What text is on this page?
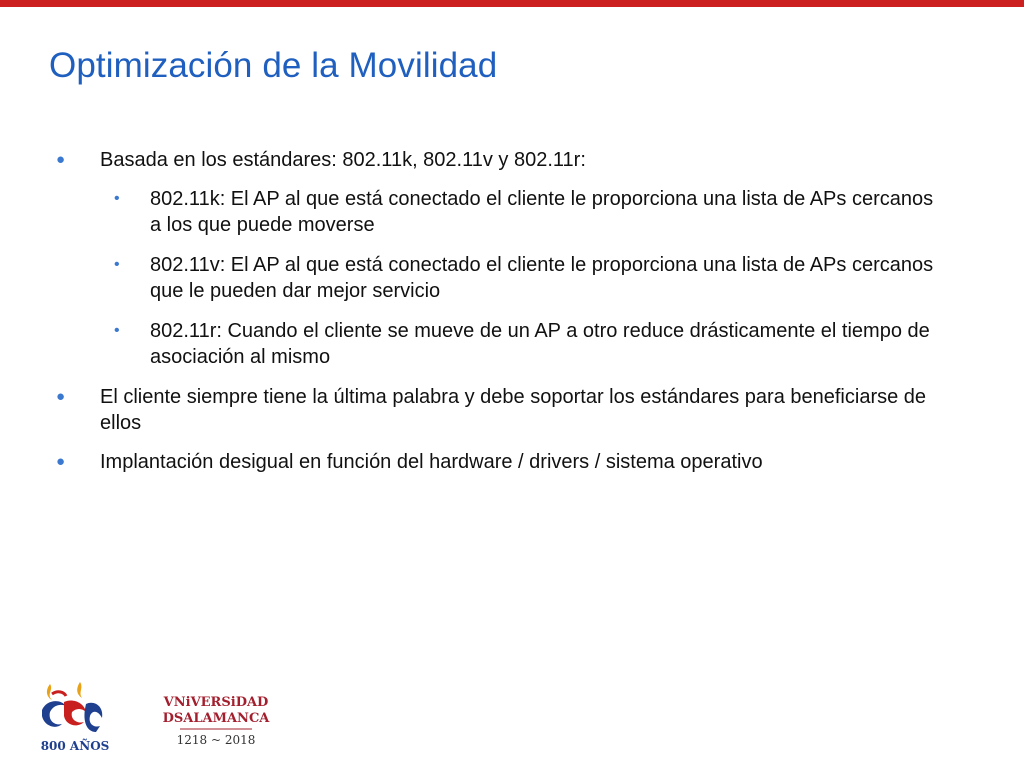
Optimización de la Movilidad
● Basada en los estándares: 802.11k, 802.11v y 802.11r:
• 802.11k: El AP al que está conectado el cliente le proporciona una lista de APs cercanos a los que puede moverse
• 802.11v: El AP al que está conectado el cliente le proporciona una lista de APs cercanos que le pueden dar mejor servicio
• 802.11r: Cuando el cliente se mueve de un AP a otro reduce drásticamente el tiempo de asociación al mismo
● El cliente siempre tiene la última palabra y debe soportar los estándares para beneficiarse de ellos
● Implantación desigual en función del hardware / drivers / sistema operativo
800 AÑOS
VNiVERSiDAD
DSALAMANCA
1218 ~ 2018
